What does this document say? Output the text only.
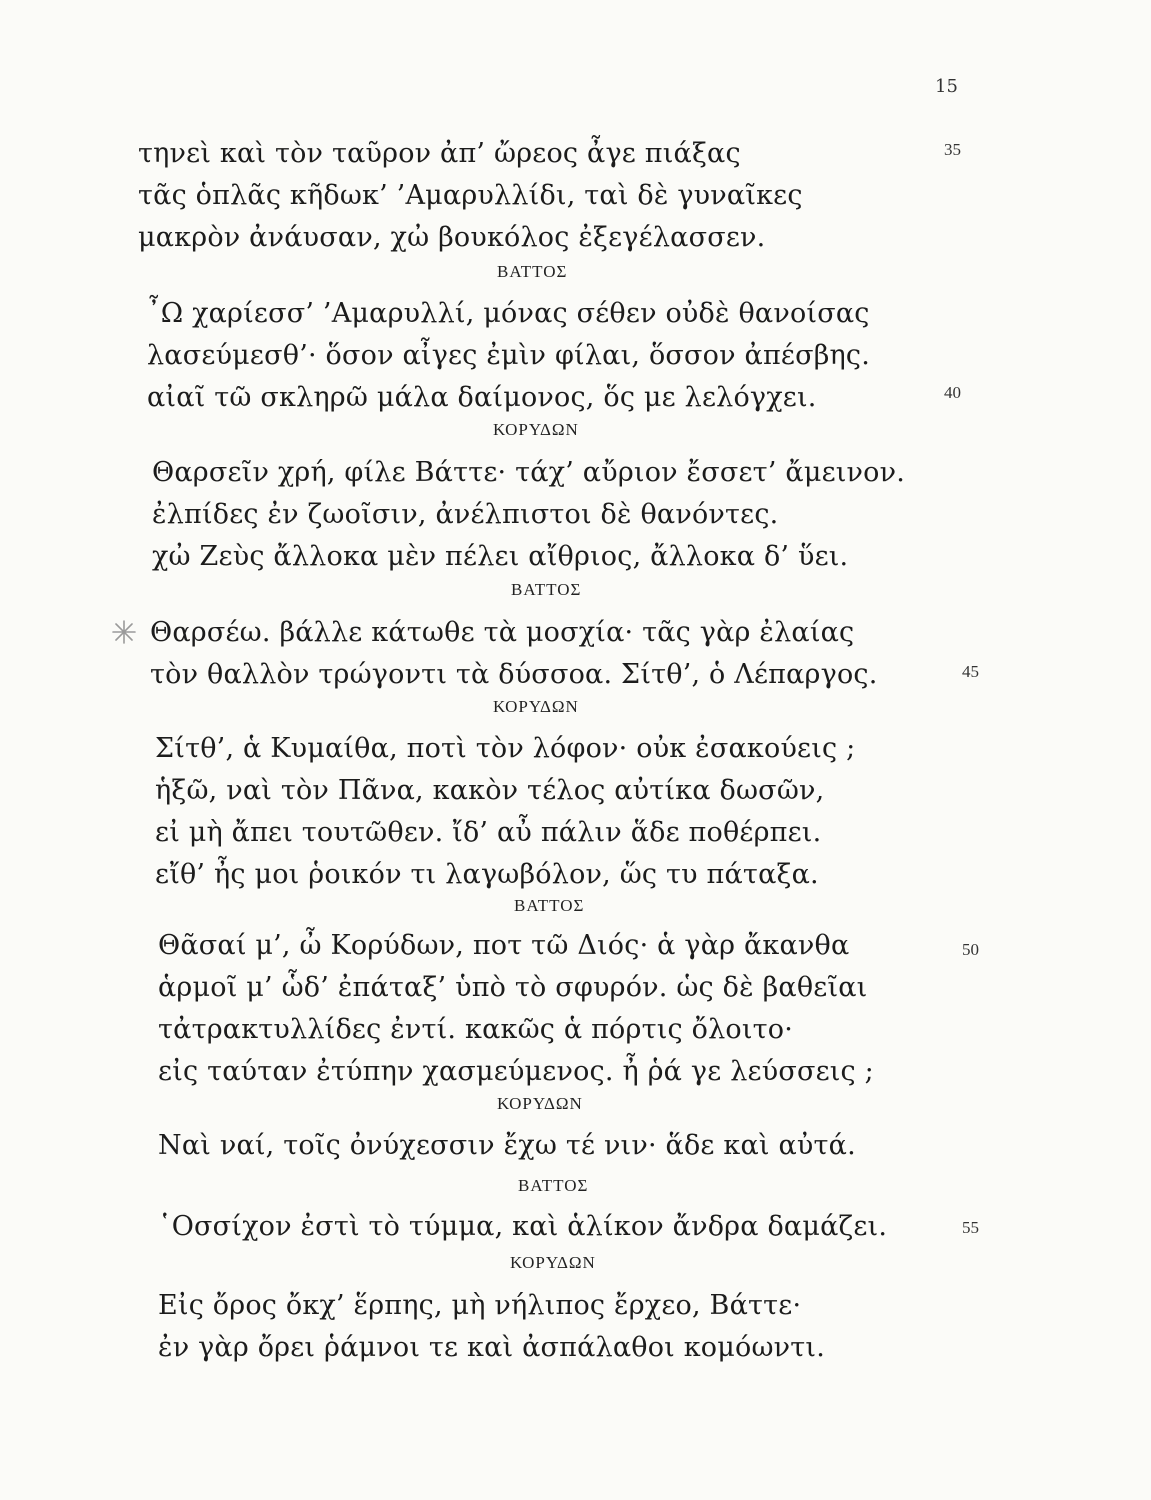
15
τηνεὶ καὶ τὸν ταῦρον ἀπ’ ὤρεος ἆγε πιάξας
τᾶς ὁπλᾶς κῆδωκ’ ’Αμαρυλλίδι, ταὶ δὲ γυναῖκες
μακρὸν ἀνάυσαν, χὠ βουκόλος ἐξεγέλασσεν.
ΒΑΤΤΟΣ
῏Ω χαρίεσσ’ ’Αμαρυλλί, μόνας σέθεν οὐδὲ θανοίσας
λασεύμεσθ’· ὅσον αἶγες ἐμὶν φίλαι, ὅσσον ἀπέσβης.
αἰαῖ τῶ σκληρῶ μάλα δαίμονος, ὅς με λελόγχει.
ΚΟΡΥΔΩΝ
Θαρσεῖν χρή, φίλε Βάττε· τάχ’ αὔριον ἔσσετ’ ἄμεινον.
ἐλπίδες ἐν ζωοῖσιν, ἀνέλπιστοι δὲ θανόντες.
χὠ Ζεὺς ἄλλοκα μὲν πέλει αἴθριος, ἄλλοκα δ’ ὕει.
ΒΑΤΤΟΣ
Θαρσέω. βάλλε κάτωθε τὰ μοσχία· τᾶς γὰρ ἐλαίας
τὸν θαλλὸν τρώγοντι τὰ δύσσοα. Σίτθ’, ὁ Λέπαργος.
ΚΟΡΥΔΩΝ
Σίτθ’, ἁ Κυμαίθα, ποτὶ τὸν λόφον· οὐκ ἐσακούεις ;
ἡξῶ, ναὶ τὸν Πᾶνα, κακὸν τέλος αὐτίκα δωσῶν,
εἰ μὴ ἄπει τουτῶθεν. ἴδ’ αὖ πάλιν ἅδε ποθέρπει.
εἴθ’ ἦς μοι ῥοικόν τι λαγωβόλον, ὥς τυ πάταξα.
ΒΑΤΤΟΣ
Θᾶσαί μ’, ὦ Κορύδων, ποτ τῶ Διός· ἁ γὰρ ἄκανθα
ἁρμοῖ μ’ ὧδ’ ἐπάταξ’ ὑπὸ τὸ σφυρόν. ὡς δὲ βαθεῖαι
τἀτρακτυλλίδες ἐντί. κακῶς ἁ πόρτις ὄλοιτο·
εἰς ταύταν ἐτύπην χασμεύμενος. ἦ ῥά γε λεύσσεις ;
ΚΟΡΥΔΩΝ
Ναὶ ναί, τοῖς ὀνύχεσσιν ἔχω τέ νιν· ἅδε καὶ αὐτά.
ΒΑΤΤΟΣ
῾Οσσίχον ἐστὶ τὸ τύμμα, καὶ ἁλίκον ἄνδρα δαμάζει.
ΚΟΡΥΔΩΝ
Εἰς ὄρος ὄκχ’ ἕρπης, μὴ νήλιπος ἔρχεο, Βάττε·
ἐν γὰρ ὄρει ῥάμνοι τε καὶ ἀσπάλαθοι κομόωντι.
35
40
45
50
55
